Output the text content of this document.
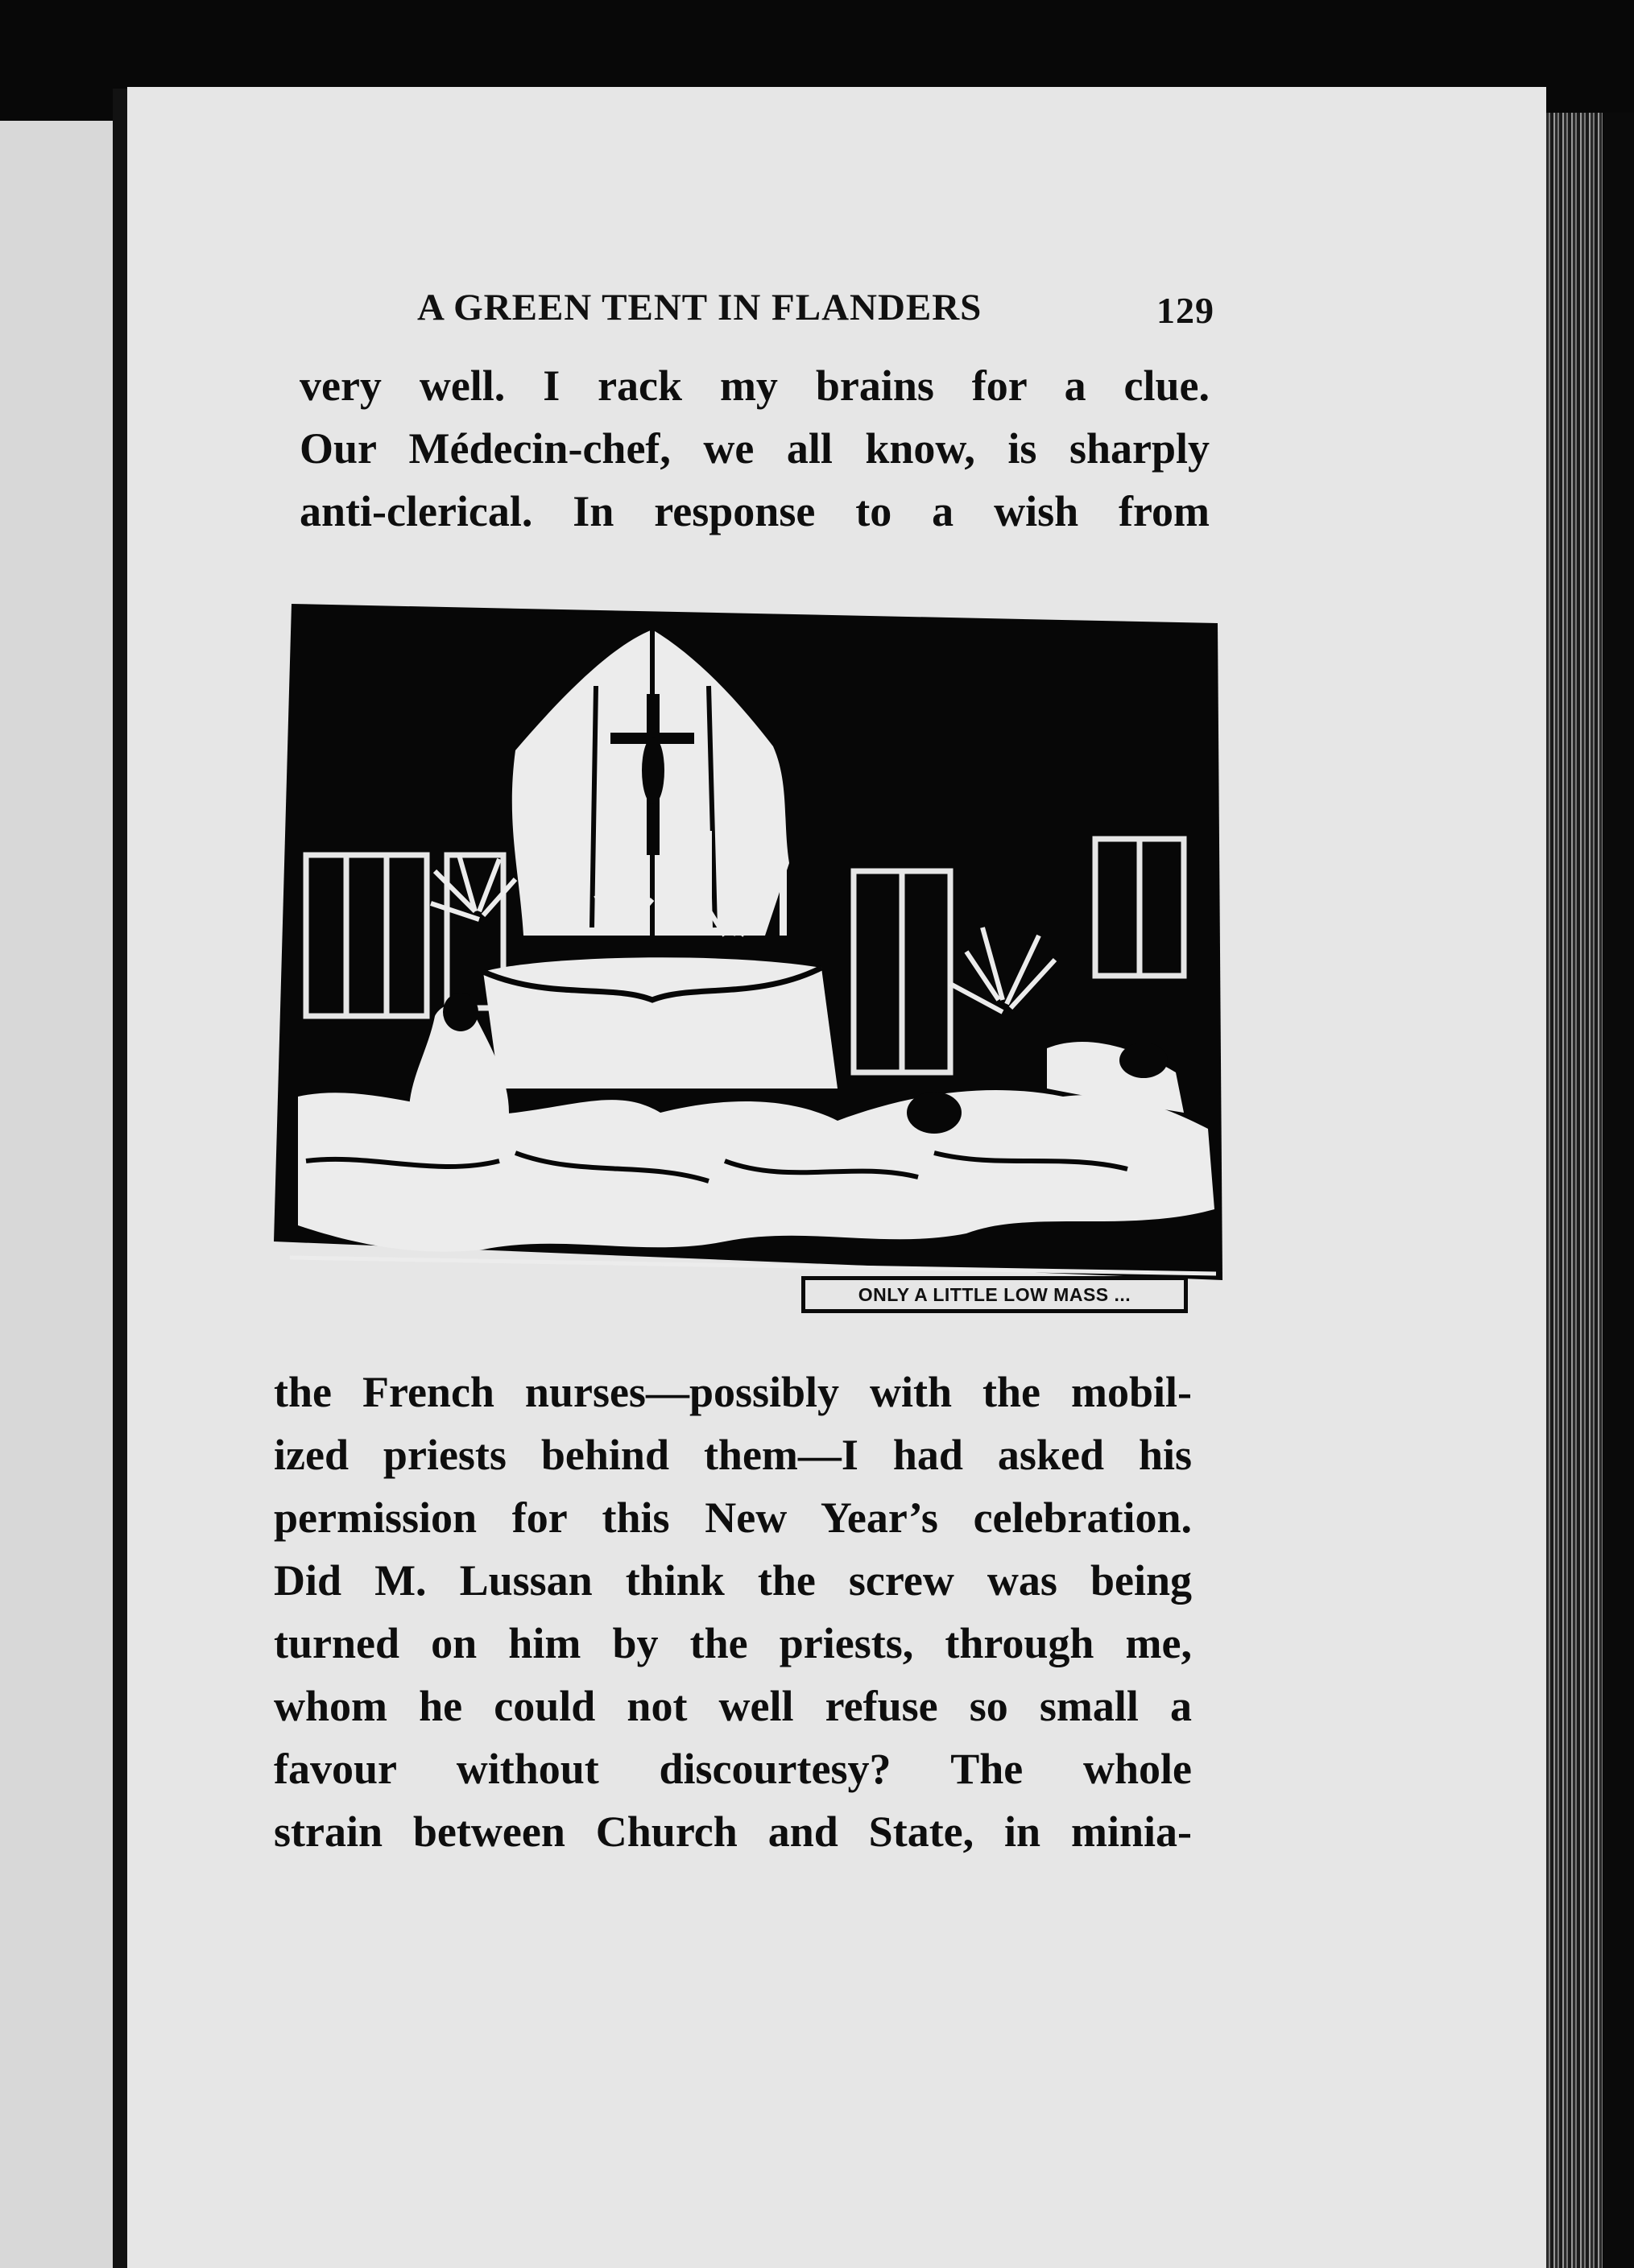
A GREEN TENT IN FLANDERS	129
very well. I rack my brains for a clue.
Our Médecin-chef, we all know, is sharply
anti-clerical. In response to a wish from
ONLY A LITTLE LOW MASS ...
the French nurses—possibly with the mobil-
ized priests behind them—I had asked his
permission for this New Year’s celebration.
Did M. Lussan think the screw was being
turned on him by the priests, through me,
whom he could not well refuse so small a
favour without discourtesy? The whole
strain between Church and State, in minia-
